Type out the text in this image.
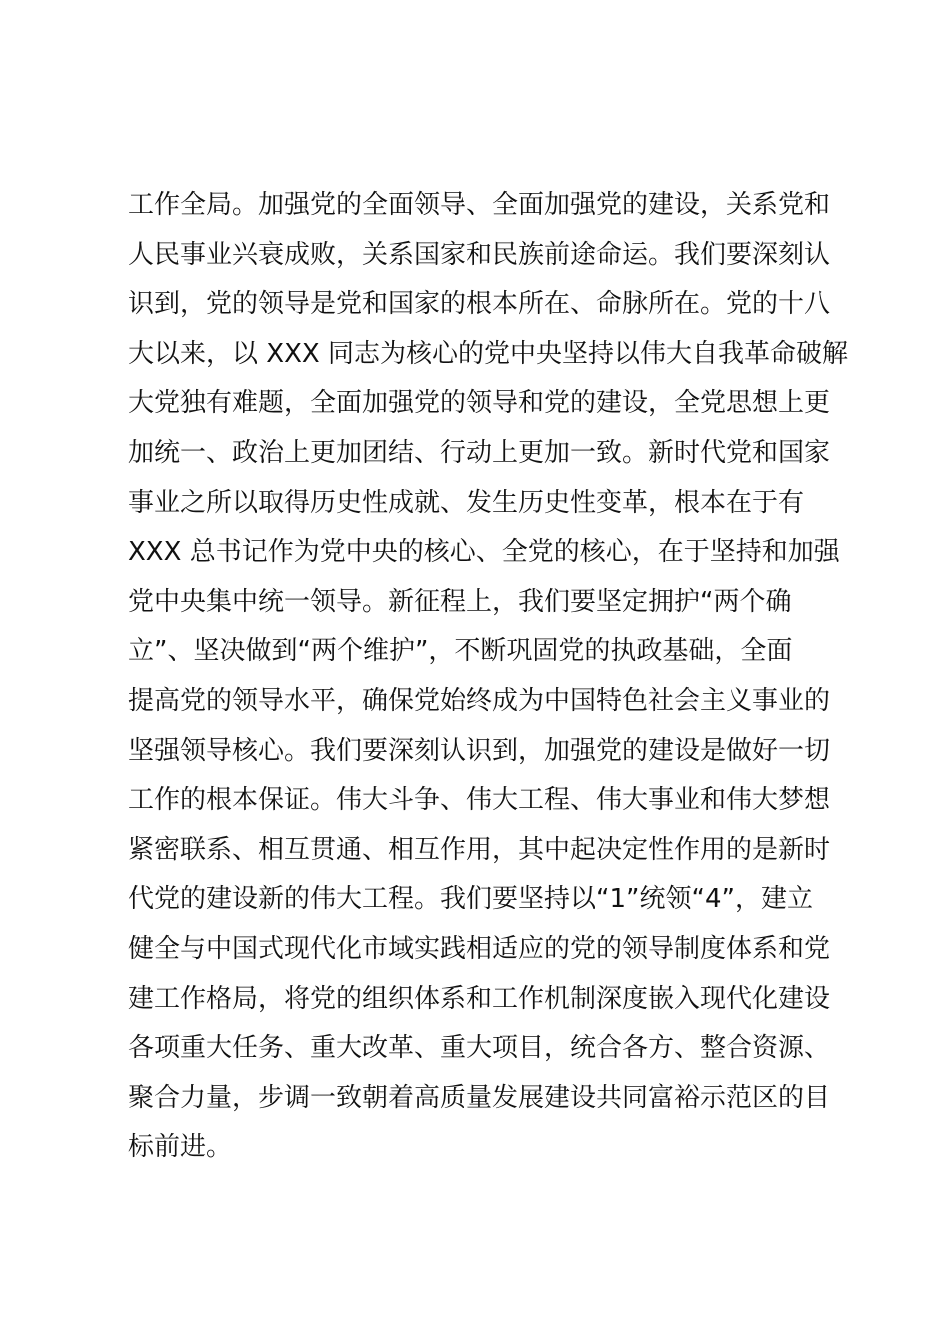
工作全局。加强党的全面领导、全面加强党的建设，关系党和
人民事业兴衰成败，关系国家和民族前途命运。我们要深刻认
识到，党的领导是党和国家的根本所在、命脉所在。党的十八
大以来，以 XXX 同志为核心的党中央坚持以伟大自我革命破解
大党独有难题，全面加强党的领导和党的建设，全党思想上更
加统一、政治上更加团结、行动上更加一致。新时代党和国家
事业之所以取得历史性成就、发生历史性变革，根本在于有
XXX 总书记作为党中央的核心、全党的核心，在于坚持和加强
党中央集中统一领导。新征程上，我们要坚定拥护“两个确
立”、坚决做到“两个维护”，不断巩固党的执政基础，全面
提高党的领导水平，确保党始终成为中国特色社会主义事业的
坚强领导核心。我们要深刻认识到，加强党的建设是做好一切
工作的根本保证。伟大斗争、伟大工程、伟大事业和伟大梦想
紧密联系、相互贯通、相互作用，其中起决定性作用的是新时
代党的建设新的伟大工程。我们要坚持以“1”统领“4”，建立
健全与中国式现代化市域实践相适应的党的领导制度体系和党
建工作格局，将党的组织体系和工作机制深度嵌入现代化建设
各项重大任务、重大改革、重大项目，统合各方、整合资源、
聚合力量，步调一致朝着高质量发展建设共同富裕示范区的目
标前进。
